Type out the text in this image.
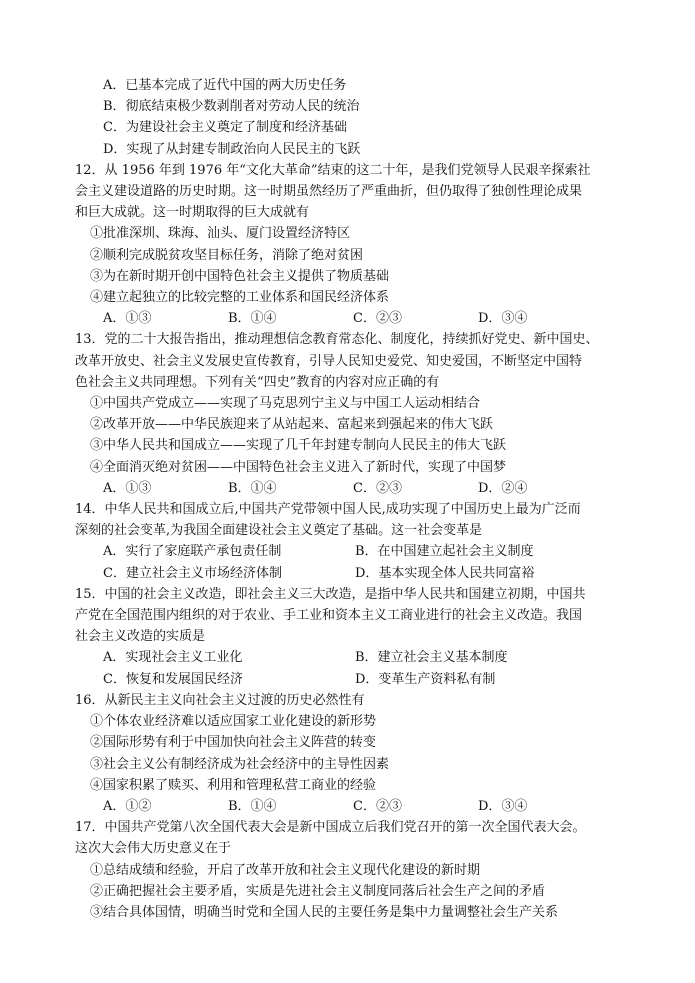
A．已基本完成了近代中国的两大历史任务
B．彻底结束极少数剥削者对劳动人民的统治
C．为建设社会主义奠定了制度和经济基础
D．实现了从封建专制政治向人民民主的飞跃
12．从 1956 年到 1976 年“文化大革命”结束的这二十年，是我们党领导人民艰辛探索社
会主义建设道路的历史时期。这一时期虽然经历了严重曲折，但仍取得了独创性理论成果
和巨大成就。这一时期取得的巨大成就有
①批准深圳、珠海、汕头、厦门设置经济特区
②顺利完成脱贫攻坚目标任务，消除了绝对贫困
③为在新时期开创中国特色社会主义提供了物质基础
④建立起独立的比较完整的工业体系和国民经济体系
A．①③	B．①④	C．②③	D．③④
13．党的二十大报告指出，推动理想信念教育常态化、制度化，持续抓好党史、新中国史、
改革开放史、社会主义发展史宣传教育，引导人民知史爱党、知史爱国，不断坚定中国特
色社会主义共同理想。下列有关“四史”教育的内容对应正确的有
①中国共产党成立——实现了马克思列宁主义与中国工人运动相结合
②改革开放——中华民族迎来了从站起来、富起来到强起来的伟大飞跃
③中华人民共和国成立——实现了几千年封建专制向人民民主的伟大飞跃
④全面消灭绝对贫困——中国特色社会主义进入了新时代，实现了中国梦
A．①③	B．①④	C．②③	D．②④
14．中华人民共和国成立后,中国共产党带领中国人民,成功实现了中国历史上最为广泛而
深刻的社会变革,为我国全面建设社会主义奠定了基础。这一社会变革是
A．实行了家庭联产承包责任制	B．在中国建立起社会主义制度
C．建立社会主义市场经济体制	D．基本实现全体人民共同富裕
15．中国的社会主义改造，即社会主义三大改造，是指中华人民共和国建立初期，中国共
产党在全国范围内组织的对于农业、手工业和资本主义工商业进行的社会主义改造。我国
社会主义改造的实质是
A．实现社会主义工业化	B．建立社会主义基本制度
C．恢复和发展国民经济	D．变革生产资料私有制
16．从新民主主义向社会主义过渡的历史必然性有
①个体农业经济难以适应国家工业化建设的新形势
②国际形势有利于中国加快向社会主义阵营的转变
③社会主义公有制经济成为社会经济中的主导性因素
④国家积累了赎买、利用和管理私营工商业的经验
A．①②	B．①④	C．②③	D．③④
17．中国共产党第八次全国代表大会是新中国成立后我们党召开的第一次全国代表大会。
这次大会伟大历史意义在于
①总结成绩和经验，开启了改革开放和社会主义现代化建设的新时期
②正确把握社会主要矛盾，实质是先进社会主义制度同落后社会生产之间的矛盾
③结合具体国情，明确当时党和全国人民的主要任务是集中力量调整社会生产关系
